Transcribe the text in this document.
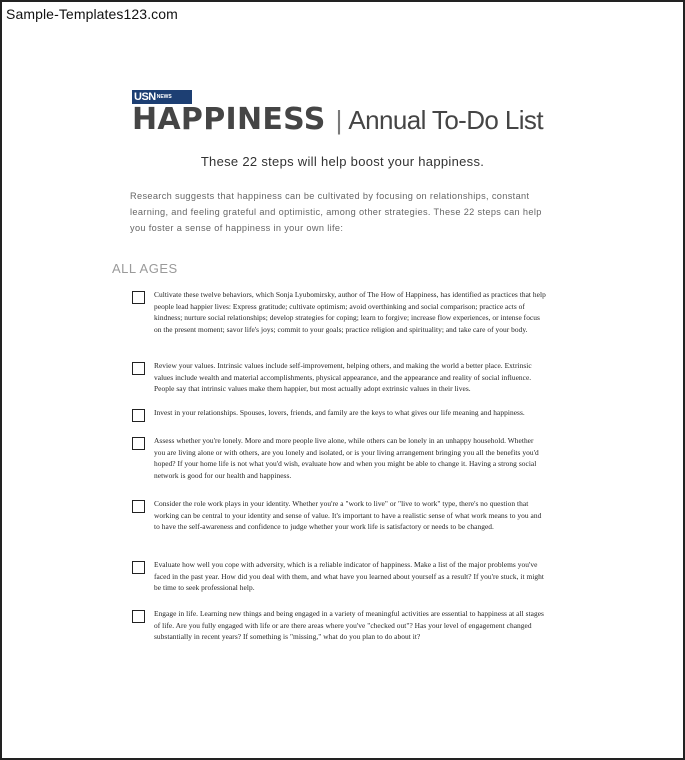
Sample-Templates123.com
$USN^{NEWS}$
HAPPINESS | Annual To-Do List
These 22 steps will help boost your happiness.
Research suggests that happiness can be cultivated by focusing on relationships, constant learning, and feeling grateful and optimistic, among other strategies. These 22 steps can help you foster a sense of happiness in your own life:
ALL AGES
Cultivate these twelve behaviors, which Sonja Lyubomirsky, author of The How of Happiness, has identified as practices that help people lead happier lives: Express gratitude; cultivate optimism; avoid overthinking and social comparison; practice acts of kindness; nurture social relationships; develop strategies for coping; learn to forgive; increase flow experiences, or intense focus on the present moment; savor life's joys; commit to your goals; practice religion and spirituality; and take care of your body.
Review your values. Intrinsic values include self-improvement, helping others, and making the world a better place. Extrinsic values include wealth and material accomplishments, physical appearance, and the appearance and reality of social influence. People say that intrinsic values make them happier, but most actually adopt extrinsic values in their lives.
Invest in your relationships. Spouses, lovers, friends, and family are the keys to what gives our life meaning and happiness.
Assess whether you're lonely. More and more people live alone, while others can be lonely in an unhappy household. Whether you are living alone or with others, are you lonely and isolated, or is your living arrangement bringing you all the benefits you'd hoped? If your home life is not what you'd wish, evaluate how and when you might be able to change it. Having a strong social network is good for our health and happiness.
Consider the role work plays in your identity. Whether you're a "work to live" or "live to work" type, there's no question that working can be central to your identity and sense of value. It's important to have a realistic sense of what work means to you and to have the self-awareness and confidence to judge whether your work life is satisfactory or needs to be changed.
Evaluate how well you cope with adversity, which is a reliable indicator of happiness. Make a list of the major problems you've faced in the past year. How did you deal with them, and what have you learned about yourself as a result? If you're stuck, it might be time to seek professional help.
Engage in life. Learning new things and being engaged in a variety of meaningful activities are essential to happiness at all stages of life. Are you fully engaged with life or are there areas where you've "checked out"? Has your level of engagement changed substantially in recent years? If something is "missing," what do you plan to do about it?
